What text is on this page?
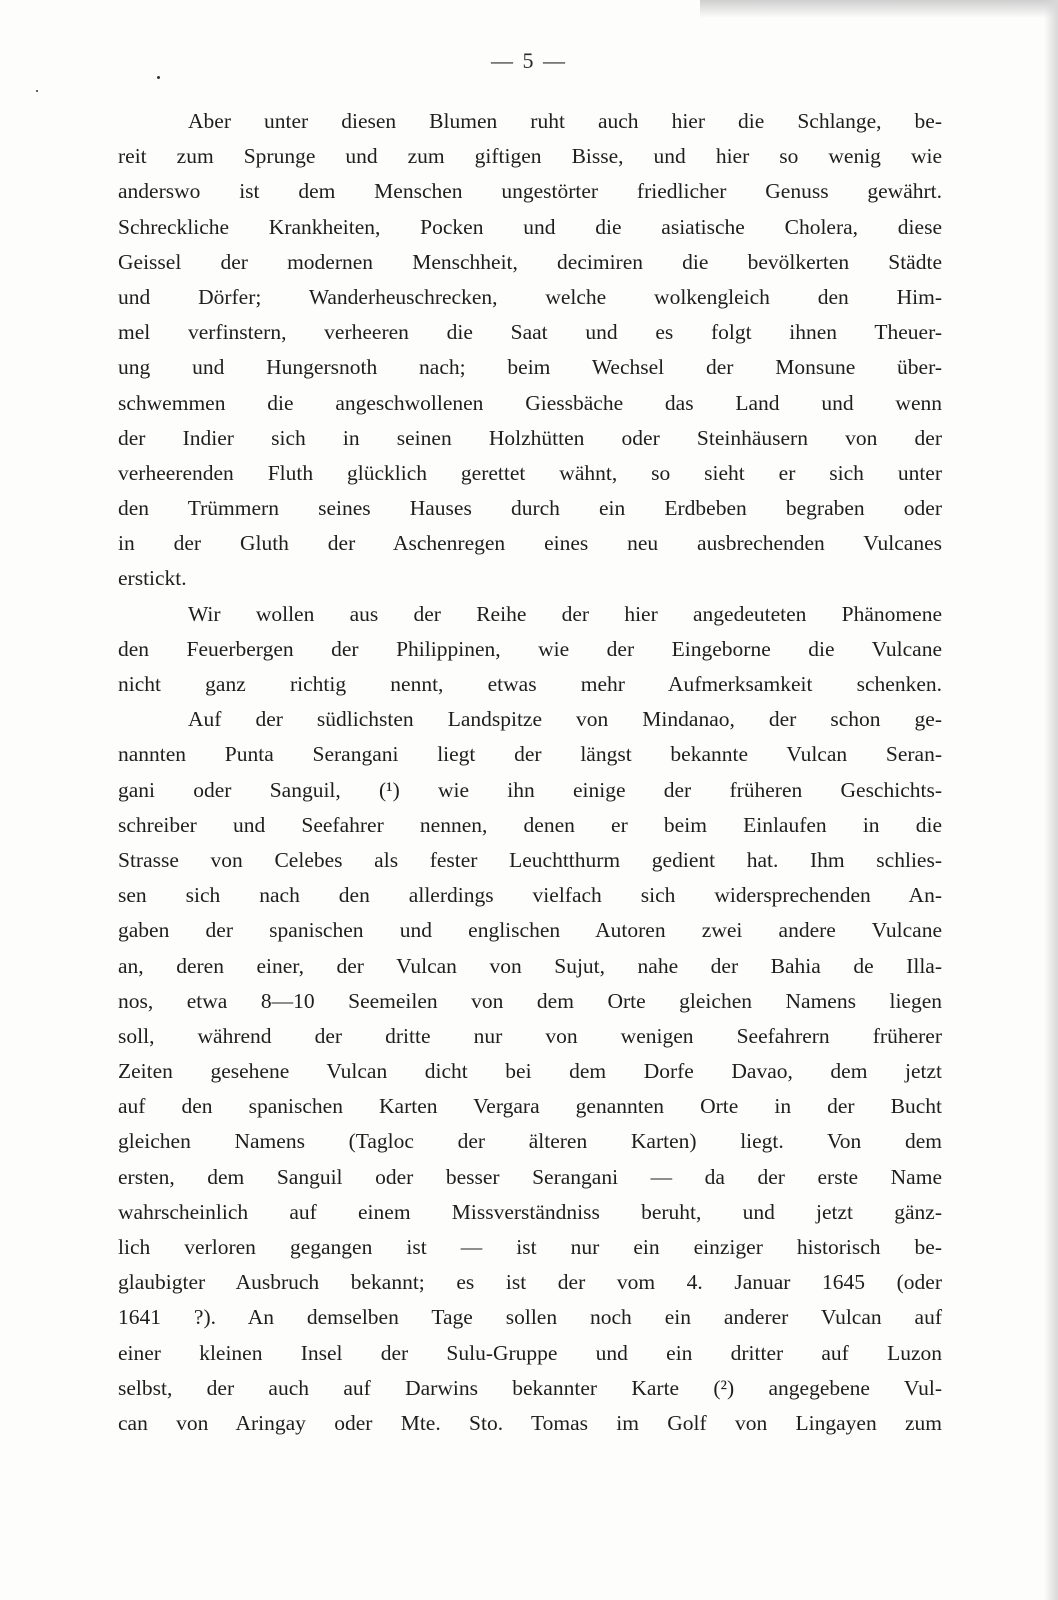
— 5 —
Aber unter diesen Blumen ruht auch hier die Schlange, be-
reit zum Sprunge und zum giftigen Bisse, und hier so wenig wie
anderswo ist dem Menschen ungestörter friedlicher Genuss gewährt.
Schreckliche Krankheiten, Pocken und die asiatische Cholera, diese
Geissel der modernen Menschheit, decimiren die bevölkerten Städte
und Dörfer; Wanderheuschrecken, welche wolkengleich den Him-
mel verfinstern, verheeren die Saat und es folgt ihnen Theuer-
ung und Hungersnoth nach; beim Wechsel der Monsune über-
schwemmen die angeschwollenen Giessbäche das Land und wenn
der Indier sich in seinen Holzhütten oder Steinhäusern von der
verheerenden Fluth glücklich gerettet wähnt, so sieht er sich unter
den Trümmern seines Hauses durch ein Erdbeben begraben oder
in der Gluth der Aschenregen eines neu ausbrechenden Vulcanes
erstickt.
Wir wollen aus der Reihe der hier angedeuteten Phänomene
den Feuerbergen der Philippinen, wie der Eingeborne die Vulcane
nicht ganz richtig nennt, etwas mehr Aufmerksamkeit schenken.
Auf der südlichsten Landspitze von Mindanao, der schon ge-
nannten Punta Serangani liegt der längst bekannte Vulcan Seran-
gani oder Sanguil, (¹) wie ihn einige der früheren Geschichts-
schreiber und Seefahrer nennen, denen er beim Einlaufen in die
Strasse von Celebes als fester Leuchtthurm gedient hat. Ihm schlies-
sen sich nach den allerdings vielfach sich widersprechenden An-
gaben der spanischen und englischen Autoren zwei andere Vulcane
an, deren einer, der Vulcan von Sujut, nahe der Bahia de Illa-
nos, etwa 8—10 Seemeilen von dem Orte gleichen Namens liegen
soll, während der dritte nur von wenigen Seefahrern früherer
Zeiten gesehene Vulcan dicht bei dem Dorfe Davao, dem jetzt
auf den spanischen Karten Vergara genannten Orte in der Bucht
gleichen Namens (Tagloc der älteren Karten) liegt. Von dem
ersten, dem Sanguil oder besser Serangani — da der erste Name
wahrscheinlich auf einem Missverständniss beruht, und jetzt gänz-
lich verloren gegangen ist — ist nur ein einziger historisch be-
glaubigter Ausbruch bekannt; es ist der vom 4. Januar 1645 (oder
1641 ?). An demselben Tage sollen noch ein anderer Vulcan auf
einer kleinen Insel der Sulu-Gruppe und ein dritter auf Luzon
selbst, der auch auf Darwins bekannter Karte (²) angegebene Vul-
can von Aringay oder Mte. Sto. Tomas im Golf von Lingayen zum
